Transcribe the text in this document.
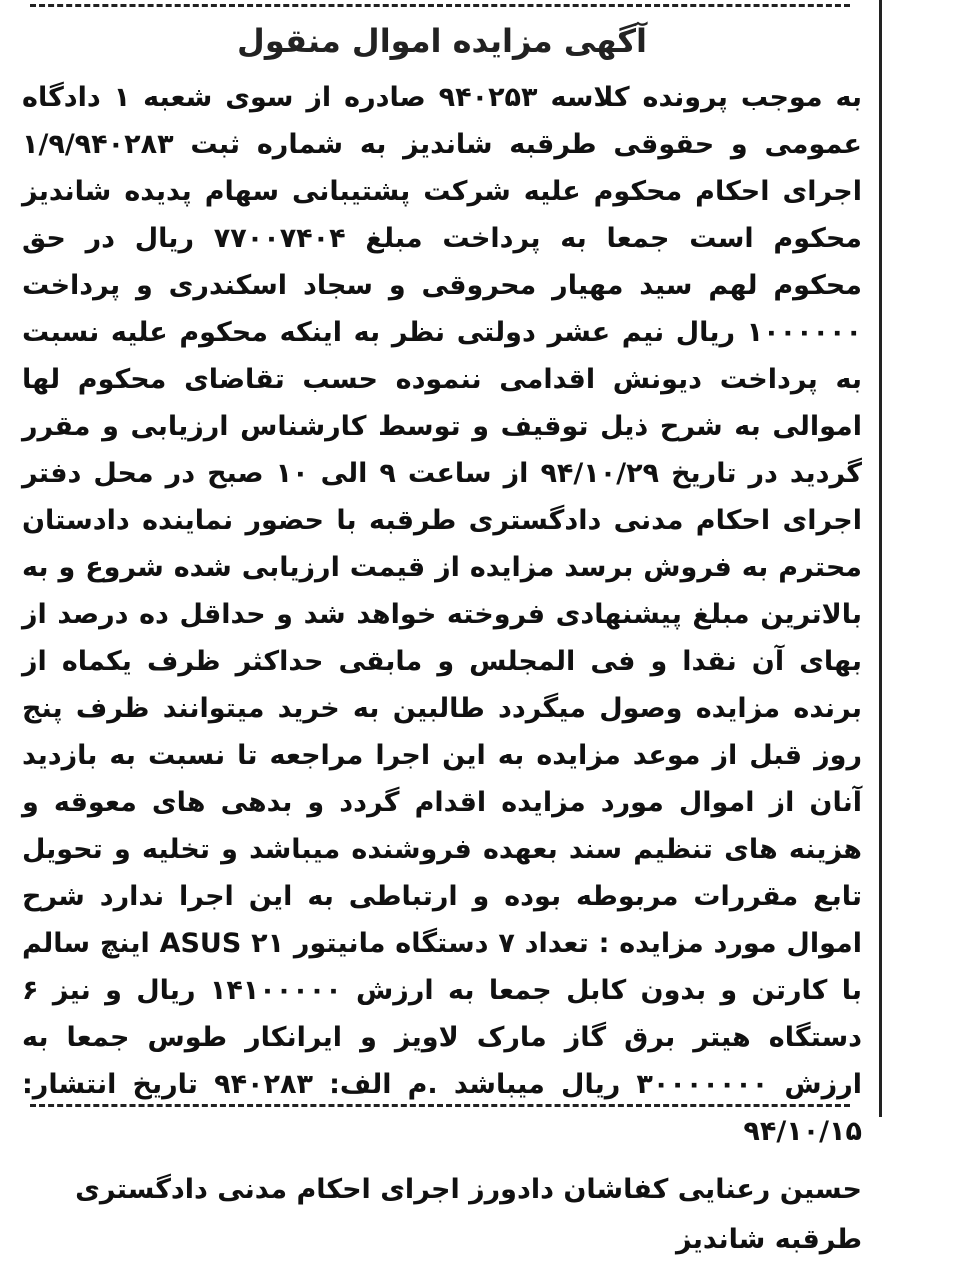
آگهی مزایده اموال منقول

به موجب پرونده کلاسه ۹۴۰۲۵۳ صادره از سوی شعبه ۱ دادگاه عمومی و حقوقی طرقبه شاندیز به شماره ثبت ۱/۹/۹۴۰۲۸۳ اجرای احکام محکوم علیه شرکت پشتیبانی سهام پدیده شاندیز محکوم است جمعا به پرداخت مبلغ ۷۷۰۰۷۴۰۴ ریال در حق محکوم لهم سید مهیار محروقی و سجاد اسکندری و پرداخت ۱۰۰۰۰۰۰ ریال نیم عشر دولتی نظر به اینکه محکوم علیه نسبت به پرداخت دیونش اقدامی ننموده حسب تقاضای محکوم لها اموالی به شرح ذیل توقیف و توسط کارشناس ارزیابی و مقرر گردید در تاریخ ۹۴/۱۰/۲۹ از ساعت ۹ الی ۱۰ صبح در محل دفتر اجرای احکام مدنی دادگستری طرقبه با حضور نماینده دادستان محترم به فروش برسد مزایده از قیمت ارزیابی شده شروع و به بالاترین مبلغ پیشنهادی فروخته خواهد شد و حداقل ده درصد از بهای آن نقدا و فی المجلس و مابقی حداکثر ظرف یکماه از برنده مزایده وصول میگردد طالبین به خرید میتوانند ظرف پنج روز قبل از موعد مزایده به این اجرا مراجعه تا نسبت به بازدید آنان از اموال مورد مزایده اقدام گردد و بدهی های معوقه و هزینه های تنظیم سند بعهده فروشنده میباشد و تخلیه و تحویل تابع مقررات مربوطه بوده و ارتباطی به این اجرا ندارد شرح اموال مورد مزایده : تعداد ۷ دستگاه مانیتور ASUS ۲۱ اینچ سالم با کارتن و بدون کابل جمعا به ارزش ۱۴۱۰۰۰۰۰ ریال و نیز ۶ دستگاه هیتر برق گاز مارک لاویز و ایرانکار طوس جمعا به ارزش ۳۰۰۰۰۰۰۰ ریال میباشد .م الف: ۹۴۰۲۸۳ تاریخ انتشار: ۹۴/۱۰/۱۵

حسین رعنایی کفاشان دادورز اجرای احکام مدنی دادگستری طرقبه شاندیز
